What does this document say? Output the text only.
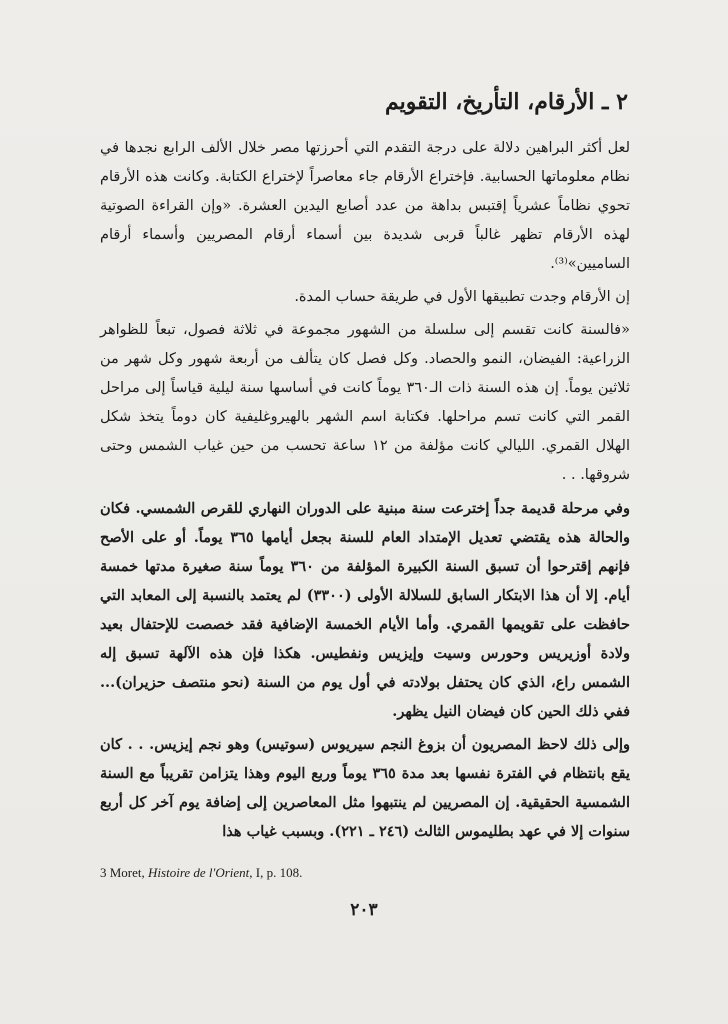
٢ ـ الأرقام، التأريخ، التقويم

لعل أكثر البراهين دلالة على درجة التقدم التي أحرزتها مصر خلال الألف الرابع نجدها في نظام معلوماتها الحسابية. فإختراع الأرقام جاء معاصراً لإختراع الكتابة. وكانت هذه الأرقام تحوي نظاماً عشرياً إقتبس بداهة من عدد أصابع اليدين العشرة. «وإن القراءة الصوتية لهذه الأرقام تظهر غالباً قربى شديدة بين أسماء أرقام المصريين وأسماء أرقام الساميين»⁽³⁾.

إن الأرقام وجدت تطبيقها الأول في طريقة حساب المدة.

«فالسنة كانت تقسم إلى سلسلة من الشهور مجموعة في ثلاثة فصول، تبعاً للظواهر الزراعية: الفيضان، النمو والحصاد. وكل فصل كان يتألف من أربعة شهور وكل شهر من ثلاثين يوماً. إن هذه السنة ذات الـ٣٦٠ يوماً كانت في أساسها سنة ليلية قياساً إلى مراحل القمر التي كانت تسم مراحلها. فكتابة اسم الشهر بالهيروغليفية كان دوماً يتخذ شكل الهلال القمري. الليالي كانت مؤلفة من ١٢ ساعة تحسب من حين غياب الشمس وحتى شروقها. . .

وفي مرحلة قديمة جداً إخترعت سنة مبنية على الدوران النهاري للقرص الشمسي. فكان والحالة هذه يقتضي تعديل الإمتداد العام للسنة بجعل أيامها ٣٦٥ يوماً. أو على الأصح فإنهم إقترحوا أن تسبق السنة الكبيرة المؤلفة من ٣٦٠ يوماً سنة صغيرة مدتها خمسة أيام. إلا أن هذا الابتكار السابق للسلالة الأولى (٣٣٠٠) لم يعتمد بالنسبة إلى المعابد التي حافظت على تقويمها القمري. وأما الأيام الخمسة الإضافية فقد خصصت للإحتفال بعيد ولادة أوزيريس وحورس وسيت وإيزيس ونفطيس. هكذا فإن هذه الآلهة تسبق إله الشمس راع، الذي كان يحتفل بولادته في أول يوم من السنة (نحو منتصف حزيران)... ففي ذلك الحين كان فيضان النيل يظهر.

وإلى ذلك لاحظ المصريون أن بزوغ النجم سيريوس (سوتيس) وهو نجم إيزيس. . . كان يقع بانتظام في الفترة نفسها بعد مدة ٣٦٥ يوماً وربع اليوم وهذا يتزامن تقريباً مع السنة الشمسية الحقيقية. إن المصريين لم ينتبهوا مثل المعاصرين إلى إضافة يوم آخر كل أربع سنوات إلا في عهد بطليموس الثالث (٢٤٦ ـ ٢٢١). وبسبب غياب هذا

3 Moret, Histoire de l'Orient, I, p. 108.
٢٠٣
